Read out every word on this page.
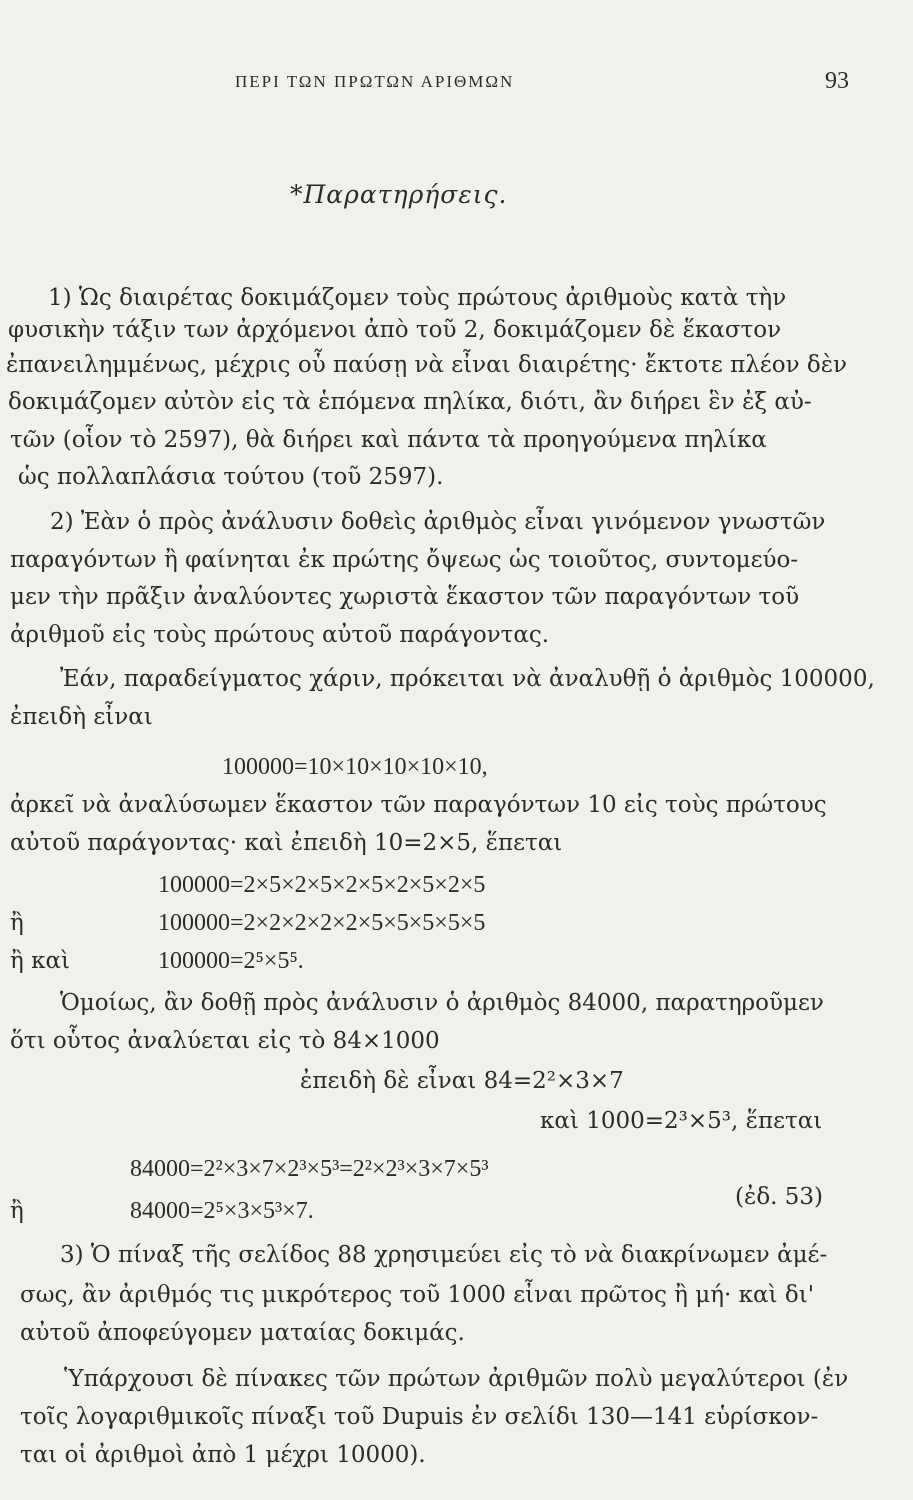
ΠΕΡΙ ΤΩΝ ΠΡΩΤΩΝ ΑΡΙΘΜΩΝ	93
*Παρατηρήσεις.
1) Ὡς διαιρέτας δοκιμάζομεν τοὺς πρώτους ἀριθμοὺς κατὰ τὴν
φυσικὴν τάξιν των ἀρχόμενοι ἀπὸ τοῦ 2, δοκιμάζομεν δὲ ἕκαστον
ἐπανειλημμένως, μέχρις οὗ παύσῃ νὰ εἶναι διαιρέτης· ἔκτοτε πλέον δὲν
δοκιμάζομεν αὐτὸν εἰς τὰ ἑπόμενα πηλίκα, διότι, ἂν διήρει ἓν ἐξ αὐ-
τῶν (οἷον τὸ 2597), θὰ διήρει καὶ πάντα τὰ προηγούμενα πηλίκα
ὡς πολλαπλάσια τούτου (τοῦ 2597).
2) Ἐὰν ὁ πρὸς ἀνάλυσιν δοθεὶς ἀριθμὸς εἶναι γινόμενον γνωστῶν
παραγόντων ἢ φαίνηται ἐκ πρώτης ὄψεως ὡς τοιοῦτος, συντομεύο-
μεν τὴν πρᾶξιν ἀναλύοντες χωριστὰ ἕκαστον τῶν παραγόντων τοῦ
ἀριθμοῦ εἰς τοὺς πρώτους αὐτοῦ παράγοντας.
Ἐάν, παραδείγματος χάριν, πρόκειται νὰ ἀναλυθῇ ὁ ἀριθμὸς 100000,
ἐπειδὴ εἶναι
100000=10×10×10×10×10,
ἀρκεῖ νὰ ἀναλύσωμεν ἕκαστον τῶν παραγόντων 10 εἰς τοὺς πρώτους
αὐτοῦ παράγοντας· καὶ ἐπειδὴ 10=2×5, ἕπεται
100000=2×5×2×5×2×5×2×5×2×5
ἢ	100000=2×2×2×2×2×5×5×5×5×5
ἢ καὶ	100000=2⁵×5⁵.
Ὁμοίως, ἂν δοθῇ πρὸς ἀνάλυσιν ὁ ἀριθμὸς 84000, παρατηροῦμεν
ὅτι οὗτος ἀναλύεται εἰς τὸ 84×1000
ἐπειδὴ δὲ εἶναι 84=2²×3×7
καὶ 1000=2³×5³, ἕπεται
84000=2²×3×7×2³×5³=2²×2³×3×7×5³
ἢ	84000=2⁵×3×5³×7.
(ἐδ. 53)
3) Ὁ πίναξ τῆς σελίδος 88 χρησιμεύει εἰς τὸ νὰ διακρίνωμεν ἀμέ-
σως, ἂν ἀριθμός τις μικρότερος τοῦ 1000 εἶναι πρῶτος ἢ μή· καὶ δι'
αὐτοῦ ἀποφεύγομεν ματαίας δοκιμάς.
Ὑπάρχουσι δὲ πίνακες τῶν πρώτων ἀριθμῶν πολὺ μεγαλύτεροι (ἐν
τοῖς λογαριθμικοῖς πίναξι τοῦ Dupuis ἐν σελίδι 130—141 εὑρίσκον-
ται οἱ ἀριθμοὶ ἀπὸ 1 μέχρι 10000).
